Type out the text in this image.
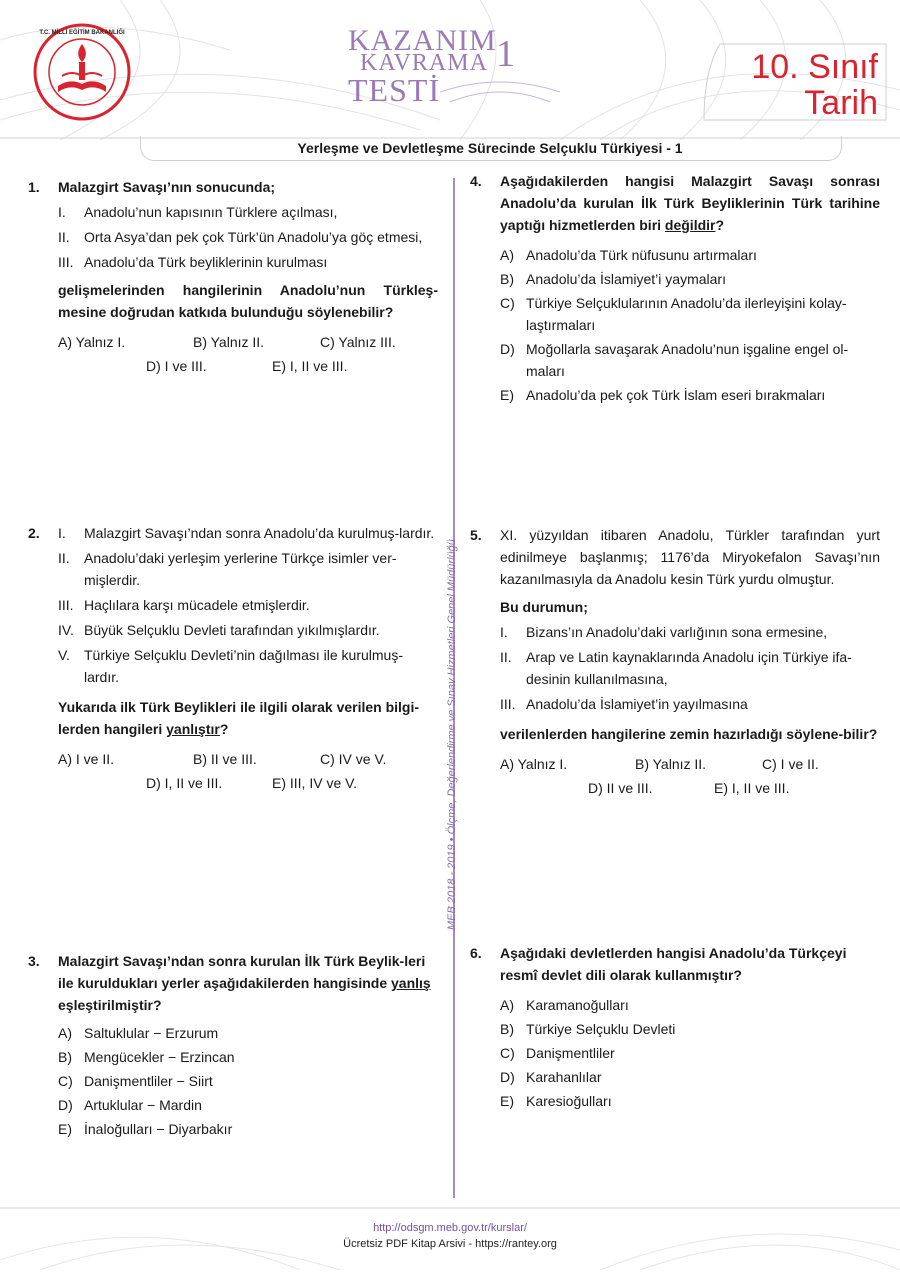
T.C. MİLLİ EĞİTİM BAKANLIĞI	KAZANIM
KAVRAMA
TESTİ
1	10. Sınıf
Tarih
Yerleşme ve Devletleşme Sürecinde Selçuklu Türkiyesi - 1
MEB 2018 - 2019 • Ölçme, Değerlendirme ve Sınav Hizmetleri Genel Müdürlüğü
1. Malazgirt Savaşı’nın sonucunda;
I.	Anadolu’nun kapısının Türklere açılması,
II.	Orta Asya’dan pek çok Türk’ün Anadolu’ya göç etmesi,
III. Anadolu’da Türk beyliklerinin kurulması
gelişmelerinden hangilerinin Anadolu’nun Türkleş-mesine doğrudan katkıda bulunduğu söylenebilir?
A) Yalnız I.	B) Yalnız II.	C) Yalnız III.
D) I ve III.	E) I, II ve III.
2. I.	Malazgirt Savaşı’ndan sonra Anadolu’da kurulmuş-lardır.
II.	Anadolu’daki yerleşim yerlerine Türkçe isimler ver-mişlerdir.
III. Haçlılara karşı mücadele etmişlerdir.
IV. Büyük Selçuklu Devleti tarafından yıkılmışlardır.
V.	Türkiye Selçuklu Devleti’nin dağılması ile kurulmuş-lardır.
Yukarıda ilk Türk Beylikleri ile ilgili olarak verilen bilgi-lerden hangileri yanlıştır?
A) I ve II.	B) II ve III.	C) IV ve V.
D) I, II ve III.	E) III, IV ve V.
3. Malazgirt Savaşı’ndan sonra kurulan İlk Türk Beylik-leri ile kuruldukları yerler aşağıdakilerden hangisinde yanlış eşleştirilmiştir?
A) Saltuklular − Erzurum
B) Mengücekler − Erzincan
C) Danişmentliler − Siirt
D) Artuklular − Mardin
E) İnaloğulları − Diyarbakır
4. Aşağıdakilerden hangisi Malazgirt Savaşı sonrası Anadolu’da kurulan İlk Türk Beyliklerinin Türk tarihine yaptığı hizmetlerden biri değildir?
A) Anadolu’da Türk nüfusunu artırmaları
B) Anadolu’da İslamiyet’i yaymaları
C) Türkiye Selçuklularının Anadolu’da ilerleyişini kolay-laştırmaları
D) Moğollarla savaşarak Anadolu’nun işgaline engel ol-maları
E) Anadolu’da pek çok Türk İslam eseri bırakmaları
5. XI. yüzyıldan itibaren Anadolu, Türkler tarafından yurt edinilmeye başlanmış; 1176’da Miryokefalon Savaşı’nın kazanılmasıyla da Anadolu kesin Türk yurdu olmuştur.
Bu durumun;
I.	Bizans’ın Anadolu’daki varlığının sona ermesine,
II.	Arap ve Latin kaynaklarında Anadolu için Türkiye ifa-desinin kullanılmasına,
III. Anadolu’da İslamiyet’in yayılmasına
verilenlerden hangilerine zemin hazırladığı söylene-bilir?
A) Yalnız I.	B) Yalnız II.	C) I ve II.
D) II ve III.	E) I, II ve III.
6. Aşağıdaki devletlerden hangisi Anadolu’da Türkçeyi resmî devlet dili olarak kullanmıştır?
A) Karamanoğulları
B) Türkiye Selçuklu Devleti
C) Danişmentliler
D) Karahanlılar
E) Karesioğulları
http://odsgm.meb.gov.tr/kurslar/
Ücretsiz PDF Kitap Arsivi - https://rantey.org
